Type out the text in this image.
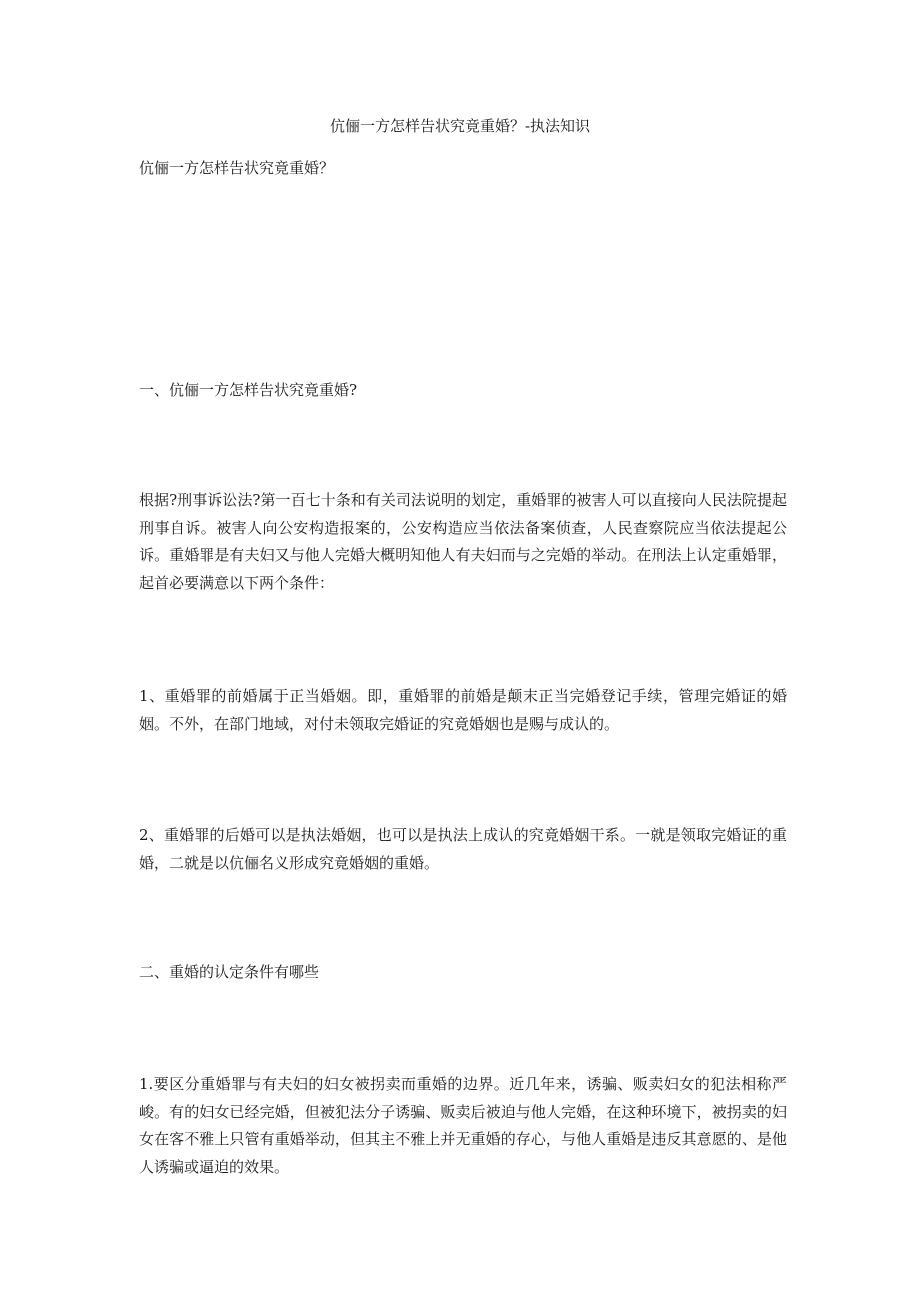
伉俪一方怎样告状究竟重婚？-执法知识

伉俪一方怎样告状究竟重婚？

一、伉俪一方怎样告状究竟重婚?

根据?刑事诉讼法?第一百七十条和有关司法说明的划定，重婚罪的被害人可以直接向人民法院提起刑事自诉。被害人向公安构造报案的，公安构造应当依法备案侦查，人民查察院应当依法提起公诉。重婚罪是有夫妇又与他人完婚大概明知他人有夫妇而与之完婚的举动。在刑法上认定重婚罪，起首必要满意以下两个条件：

1、重婚罪的前婚属于正当婚姻。即，重婚罪的前婚是颠末正当完婚登记手续，管理完婚证的婚姻。不外，在部门地域，对付未领取完婚证的究竟婚姻也是赐与成认的。

2、重婚罪的后婚可以是执法婚姻，也可以是执法上成认的究竟婚姻干系。一就是领取完婚证的重婚，二就是以伉俪名义形成究竟婚姻的重婚。

二、重婚的认定条件有哪些

1.要区分重婚罪与有夫妇的妇女被拐卖而重婚的边界。近几年来，诱骗、贩卖妇女的犯法相称严峻。有的妇女已经完婚，但被犯法分子诱骗、贩卖后被迫与他人完婚，在这种环境下，被拐卖的妇女在客不雅上只管有重婚举动，但其主不雅上并无重婚的存心，与他人重婚是违反其意愿的、是他人诱骗或逼迫的效果。
